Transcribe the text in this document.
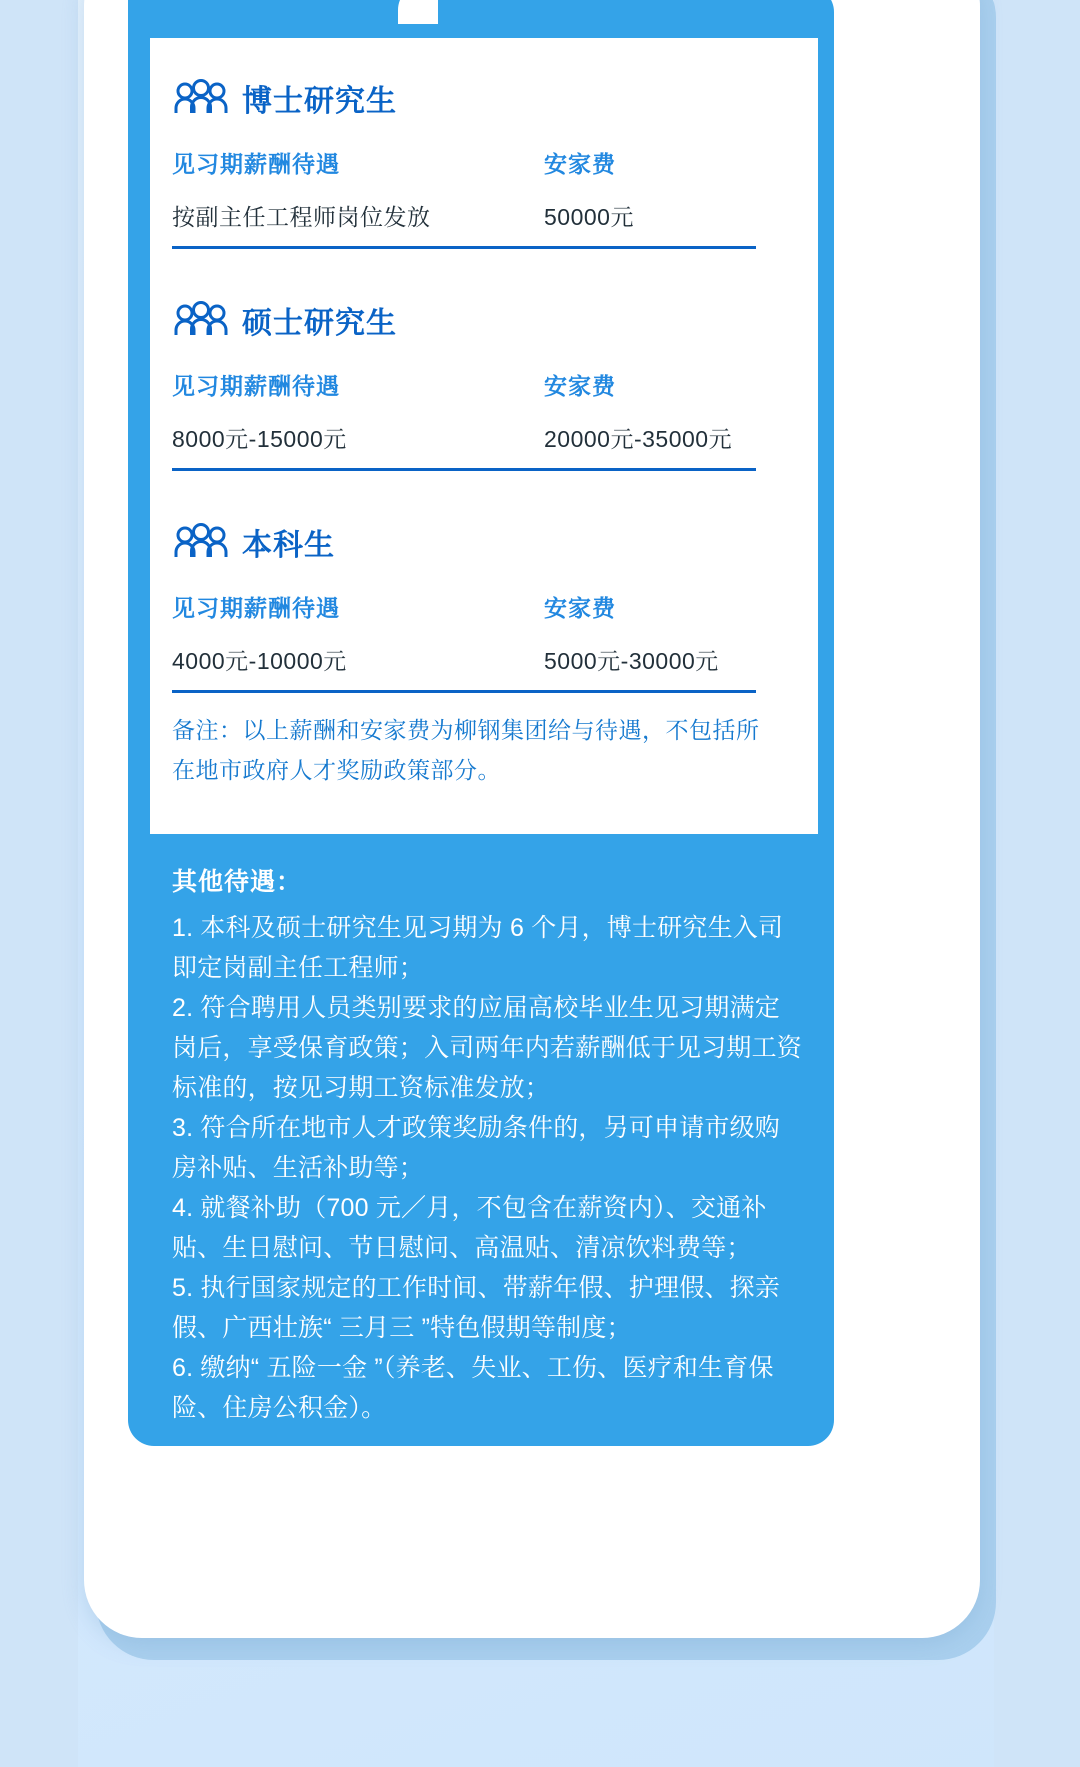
博士研究生
见习期薪酬待遇	安家费
按副主任工程师岗位发放	50000元
硕士研究生
见习期薪酬待遇	安家费
8000元-15000元	20000元-35000元
本科生
见习期薪酬待遇	安家费
4000元-10000元	5000元-30000元
备注：以上薪酬和安家费为柳钢集团给与待遇，不包括所在地市政府人才奖励政策部分。
其他待遇：
1. 本科及硕士研究生见习期为 6 个月，博士研究生入司即定岗副主任工程师；
2. 符合聘用人员类别要求的应届高校毕业生见习期满定岗后，享受保育政策；入司两年内若薪酬低于见习期工资标准的，按见习期工资标准发放；
3. 符合所在地市人才政策奖励条件的，另可申请市级购房补贴、生活补助等；
4. 就餐补助（700 元／月，不包含在薪资内）、交通补贴、生日慰问、节日慰问、高温贴、清凉饮料费等；
5. 执行国家规定的工作时间、带薪年假、护理假、探亲假、广西壮族“ 三月三 ”特色假期等制度；
6. 缴纳“ 五险一金 ”（养老、失业、工伤、医疗和生育保险、住房公积金）。
